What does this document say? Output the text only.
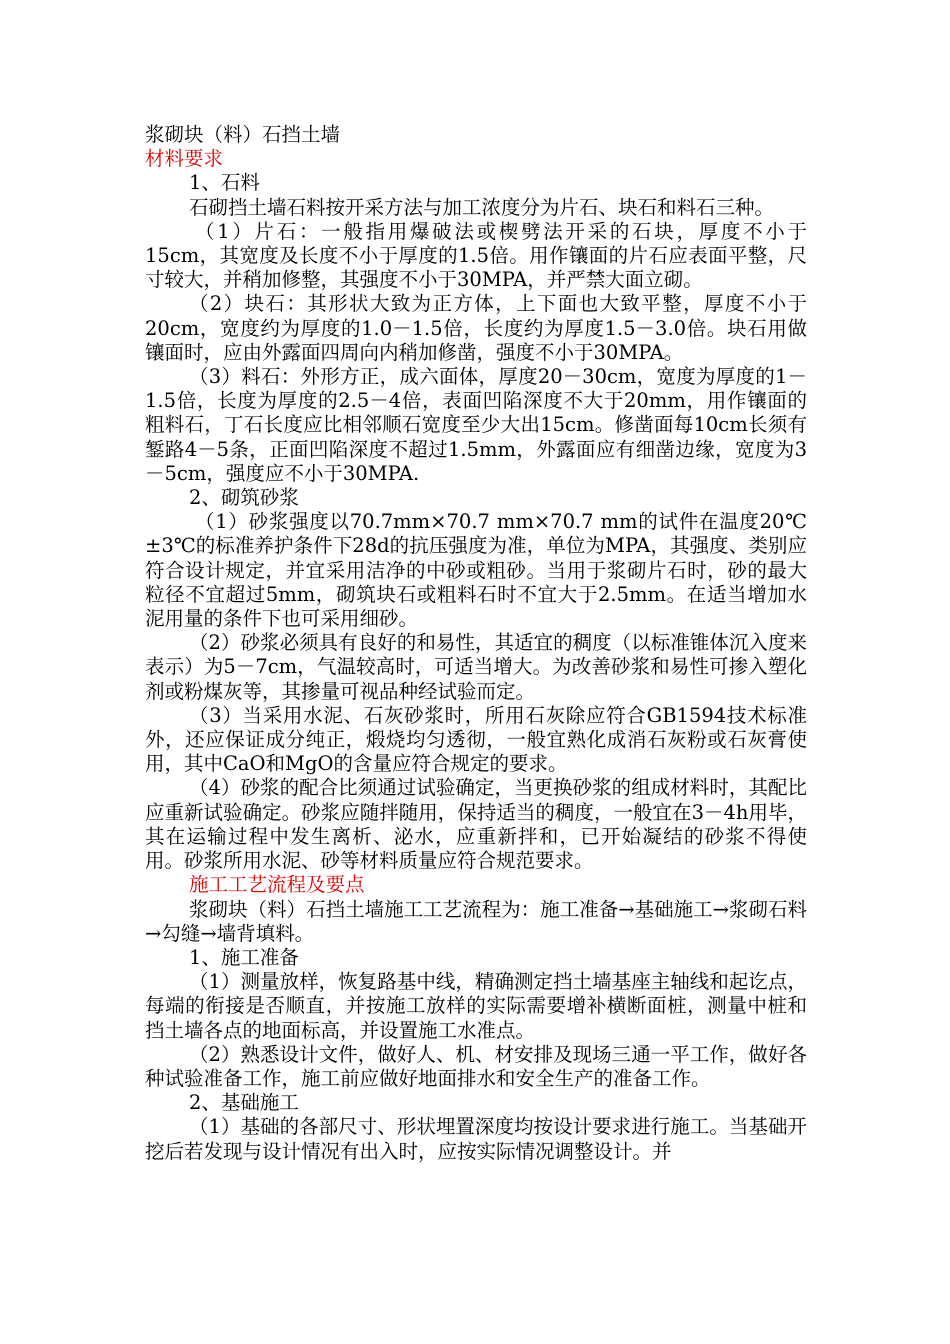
浆砌块（料）石挡土墙

材料要求

1、石料

石砌挡土墙石料按开采方法与加工浓度分为片石、块石和料石三种。

（1）片石：一般指用爆破法或楔劈法开采的石块，厚度不小于15cm，其宽度及长度不小于厚度的1.5倍。用作镶面的片石应表面平整，尺寸较大，并稍加修整，其强度不小于30MPA，并严禁大面立砌。

（2）块石：其形状大致为正方体，上下面也大致平整，厚度不小于20cm，宽度约为厚度的1.0－1.5倍，长度约为厚度1.5－3.0倍。块石用做镶面时，应由外露面四周向内稍加修凿，强度不小于30MPA。

（3）料石：外形方正，成六面体，厚度20－30cm，宽度为厚度的1－1.5倍，长度为厚度的2.5－4倍，表面凹陷深度不大于20mm，用作镶面的粗料石，丁石长度应比相邻顺石宽度至少大出15cm。修凿面每10cm长须有錾路4－5条，正面凹陷深度不超过1.5mm，外露面应有细凿边缘，宽度为3－5cm，强度应不小于30MPA.

2、砌筑砂浆

（1）砂浆强度以70.7mm×70.7 mm×70.7 mm的试件在温度20℃±3℃的标准养护条件下28d的抗压强度为准，单位为MPA，其强度、类别应符合设计规定，并宜采用洁净的中砂或粗砂。当用于浆砌片石时，砂的最大粒径不宜超过5mm，砌筑块石或粗料石时不宜大于2.5mm。在适当增加水泥用量的条件下也可采用细砂。

（2）砂浆必须具有良好的和易性，其适宜的稠度（以标准锥体沉入度来表示）为5－7cm，气温较高时，可适当增大。为改善砂浆和易性可掺入塑化剂或粉煤灰等，其掺量可视品种经试验而定。

（3）当采用水泥、石灰砂浆时，所用石灰除应符合GB1594技术标准外，还应保证成分纯正，煅烧均匀透彻，一般宜熟化成消石灰粉或石灰膏使用，其中CaO和MgO的含量应符合规定的要求。

（4）砂浆的配合比须通过试验确定，当更换砂浆的组成材料时，其配比应重新试验确定。砂浆应随拌随用，保持适当的稠度，一般宜在3－4h用毕，其在运输过程中发生离析、泌水，应重新拌和，已开始凝结的砂浆不得使用。砂浆所用水泥、砂等材料质量应符合规范要求。

施工工艺流程及要点

浆砌块（料）石挡土墙施工工艺流程为：施工准备→基础施工→浆砌石料→勾缝→墙背填料。

1、施工准备

（1）测量放样，恢复路基中线，精确测定挡土墙基座主轴线和起讫点，每端的衔接是否顺直，并按施工放样的实际需要增补横断面桩，测量中桩和挡土墙各点的地面标高，并设置施工水准点。

（2）熟悉设计文件，做好人、机、材安排及现场三通一平工作，做好各种试验准备工作，施工前应做好地面排水和安全生产的准备工作。

2、基础施工

（1）基础的各部尺寸、形状埋置深度均按设计要求进行施工。当基础开挖后若发现与设计情况有出入时，应按实际情况调整设计。并
